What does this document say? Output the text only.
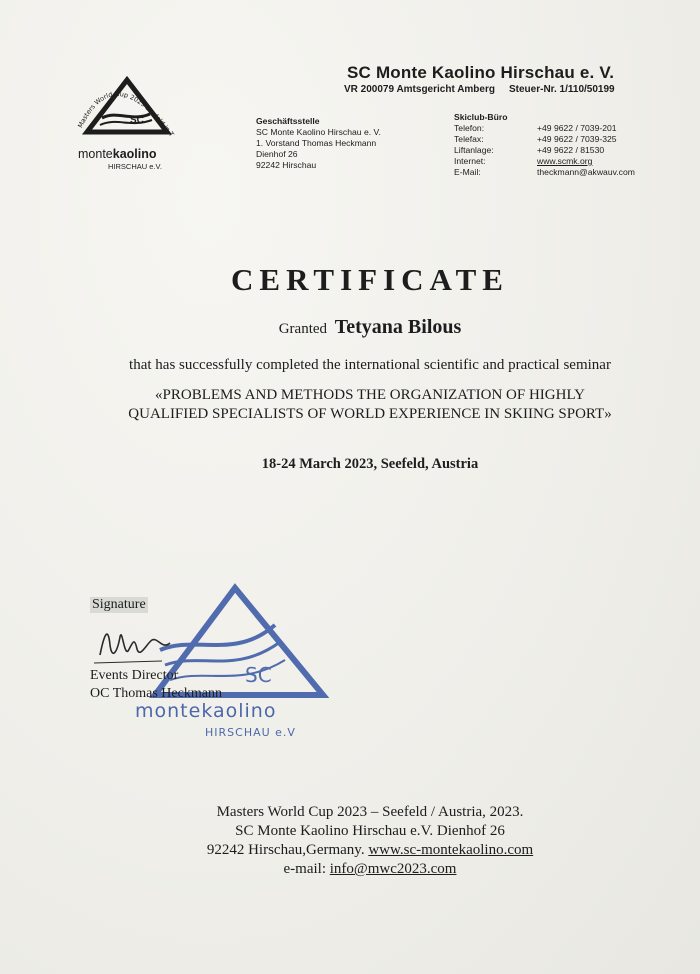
Masters World Cup 2023 Seefeld in T
SC
montekaolino
HIRSCHAU e.V.
SC Monte Kaolino Hirschau e. V.
VR 200079 Amtsgericht Amberg Steuer-Nr. 1/110/50199
Geschäftsstelle
SC Monte Kaolino Hirschau e. V.
1. Vorstand Thomas Heckmann
Dienhof 26
92242 Hirschau
Skiclub-Büro
Telefon:
Telefax:
Liftanlage:
Internet:
E-Mail:
+49 9622 / 7039-201
+49 9622 / 7039-325
+49 9622 / 81530
www.scmk.org
theckmann@akwauv.com
CERTIFICATE
Granted Tetyana Bilous
that has successfully completed the international scientific and practical seminar
«PROBLEMS AND METHODS THE ORGANIZATION OF HIGHLY
QUALIFIED SPECIALISTS OF WORLD EXPERIENCE IN SKIING SPORT»
18-24 March 2023, Seefeld, Austria
Signature
SC
Events Director
OC Thomas Heckmann
montekaolino
HIRSCHAU e.V
Masters World Cup 2023 – Seefeld / Austria, 2023.
SC Monte Kaolino Hirschau e.V. Dienhof 26
92242 Hirschau,Germany. www.sc-montekaolino.com
e-mail: info@mwc2023.com
